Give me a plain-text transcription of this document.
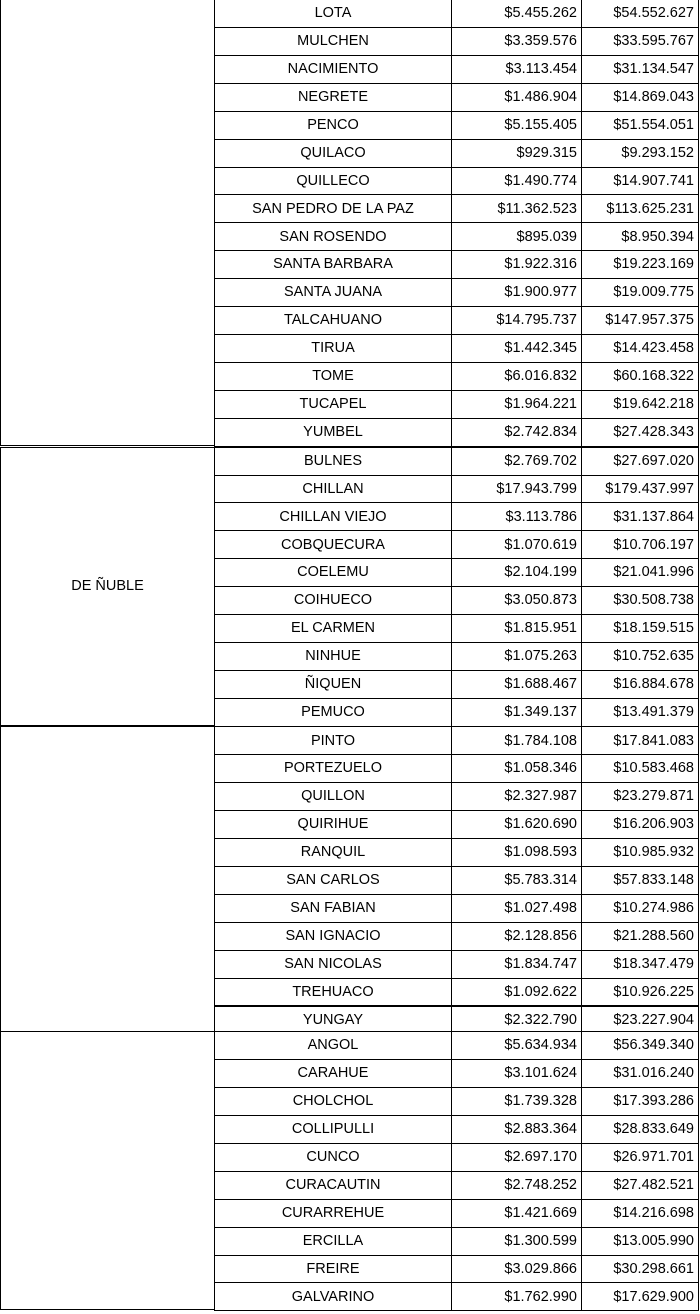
LOTA	$5.455.262	$54.552.627
MULCHEN	$3.359.576	$33.595.767
NACIMIENTO	$3.113.454	$31.134.547
NEGRETE	$1.486.904	$14.869.043
PENCO	$5.155.405	$51.554.051
QUILACO	$929.315	$9.293.152
QUILLECO	$1.490.774	$14.907.741
SAN PEDRO DE LA PAZ	$11.362.523	$113.625.231
SAN ROSENDO	$895.039	$8.950.394
SANTA BARBARA	$1.922.316	$19.223.169
SANTA JUANA	$1.900.977	$19.009.775
TALCAHUANO	$14.795.737	$147.957.375
TIRUA	$1.442.345	$14.423.458
TOME	$6.016.832	$60.168.322
TUCAPEL	$1.964.221	$19.642.218
YUMBEL	$2.742.834	$27.428.343
DE ÑUBLE
BULNES	$2.769.702	$27.697.020
CHILLAN	$17.943.799	$179.437.997
CHILLAN VIEJO	$3.113.786	$31.137.864
COBQUECURA	$1.070.619	$10.706.197
COELEMU	$2.104.199	$21.041.996
COIHUECO	$3.050.873	$30.508.738
EL CARMEN	$1.815.951	$18.159.515
NINHUE	$1.075.263	$10.752.635
ÑIQUEN	$1.688.467	$16.884.678
PEMUCO	$1.349.137	$13.491.379
PINTO	$1.784.108	$17.841.083
PORTEZUELO	$1.058.346	$10.583.468
QUILLON	$2.327.987	$23.279.871
QUIRIHUE	$1.620.690	$16.206.903
RANQUIL	$1.098.593	$10.985.932
SAN CARLOS	$5.783.314	$57.833.148
SAN FABIAN	$1.027.498	$10.274.986
SAN IGNACIO	$2.128.856	$21.288.560
SAN NICOLAS	$1.834.747	$18.347.479
TREHUACO	$1.092.622	$10.926.225
YUNGAY	$2.322.790	$23.227.904
ANGOL	$5.634.934	$56.349.340
CARAHUE	$3.101.624	$31.016.240
CHOLCHOL	$1.739.328	$17.393.286
COLLIPULLI	$2.883.364	$28.833.649
CUNCO	$2.697.170	$26.971.701
CURACAUTIN	$2.748.252	$27.482.521
CURARREHUE	$1.421.669	$14.216.698
ERCILLA	$1.300.599	$13.005.990
FREIRE	$3.029.866	$30.298.661
GALVARINO	$1.762.990	$17.629.900
